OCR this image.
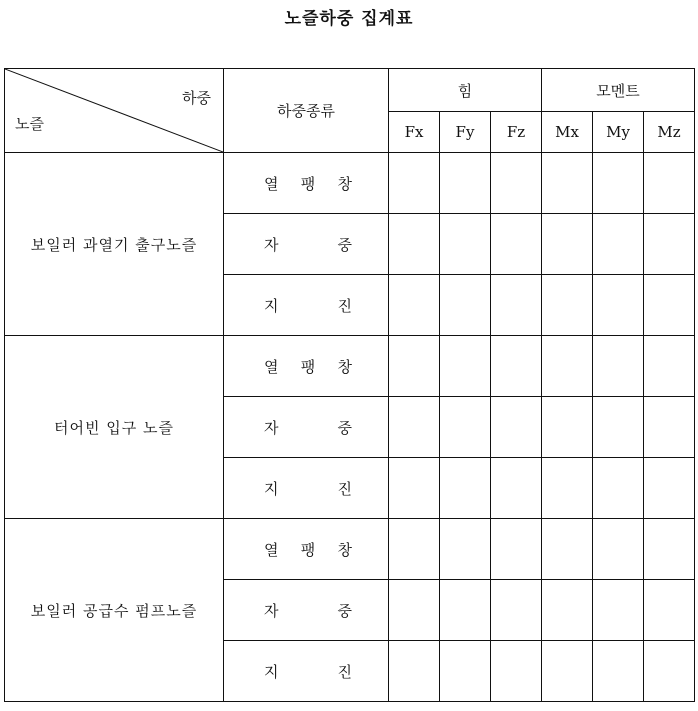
노즐하중 집계표
하중
노즐	하중종류	힘			모멘트		
		Fx	Fy	Fz	Mx	My	Mz
보일러 과열기 출구노즐	열 팽 창						

	자 중						

	지 진						

터어빈 입구 노즐	열 팽 창						

	자 중						

	지 진						

보일러 공급수 펌프노즐	열 팽 창						

	자 중						

	지 진						
